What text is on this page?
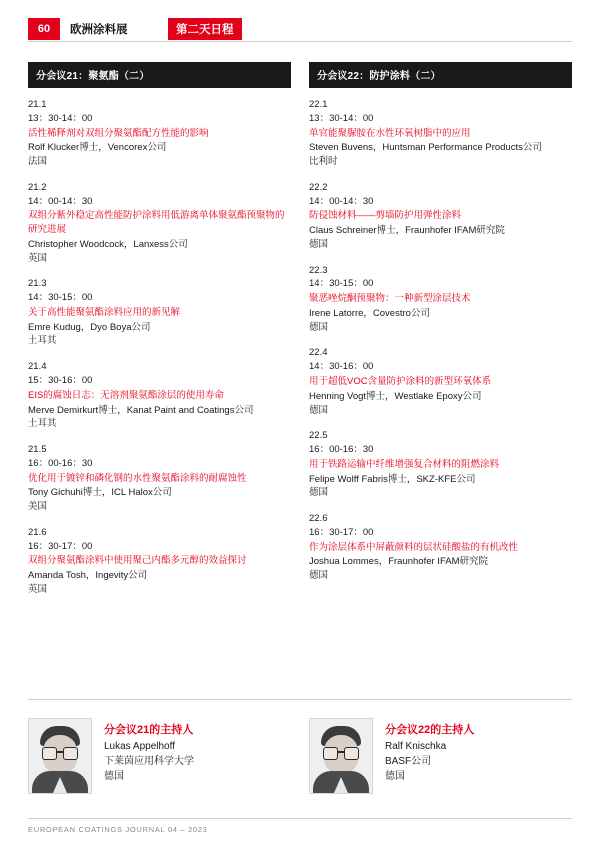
60	欧洲涂料展	第二天日程
分会议21：聚氨酯（二）
21.1
13：30-14：00
活性稀释剂对双组分聚氨酯配方性能的影响
Rolf Klucker博士，Vencorex公司
法国
21.2
14：00-14：30
双组分紫外稳定高性能防护涂料用低游离单体聚氨酯预聚物的研究进展
Christopher Woodcock，Lanxess公司
英国
21.3
14：30-15：00
关于高性能聚氨酯涂料应用的新见解
Emre Kudug，Dyo Boya公司
土耳其
21.4
15：30-16：00
EIS的腐蚀日志：无溶剂聚氨酯涂层的使用寿命
Merve Demirkurt博士，Kanat Paint and Coatings公司
土耳其
21.5
16：00-16：30
优化用于镀锌和磷化钢的水性聚氨酯涂料的耐腐蚀性
Tony Gichuhi博士，ICL Halox公司
美国
21.6
16：30-17：00
双组分聚氨酯涂料中使用聚己内酯多元醇的效益探讨
Amanda Tosh，Ingevity公司
英国
分会议22：防护涂料（二）
22.1
13：30-14：00
单官能聚脲胺在水性环氧树脂中的应用
Steven Buvens，Huntsman Performance Products公司
比利时
22.2
14：00-14：30
防侵蚀材料——剪墙防护用弹性涂料
Claus Schreiner博士，Fraunhofer IFAM研究院
德国
22.3
14：30-15：00
聚恶唑烷酮预聚物：一种新型涂层技术
Irene Latorre，Covestro公司
德国
22.4
14：30-16：00
用于超低VOC含量防护涂料的新型环氧体系
Henning Vogt博士，Westlake Epoxy公司
德国
22.5
16：00-16：30
用于铁路运输中纤维增强复合材料的阻燃涂料
Felipe Wolff Fabris博士，SKZ-KFE公司
德国
22.6
16：30-17：00
作为涂层体系中屏蔽颜料的层状硅酸盐的有机改性
Joshua Lommes，Fraunhofer IFAM研究院
德国
分会议21的主持人
Lukas Appelhoff
下莱茵应用科学大学
德国
分会议22的主持人
Ralf Knischka
BASF公司
德国
EUROPEAN COATINGS JOURNAL 04 – 2023
